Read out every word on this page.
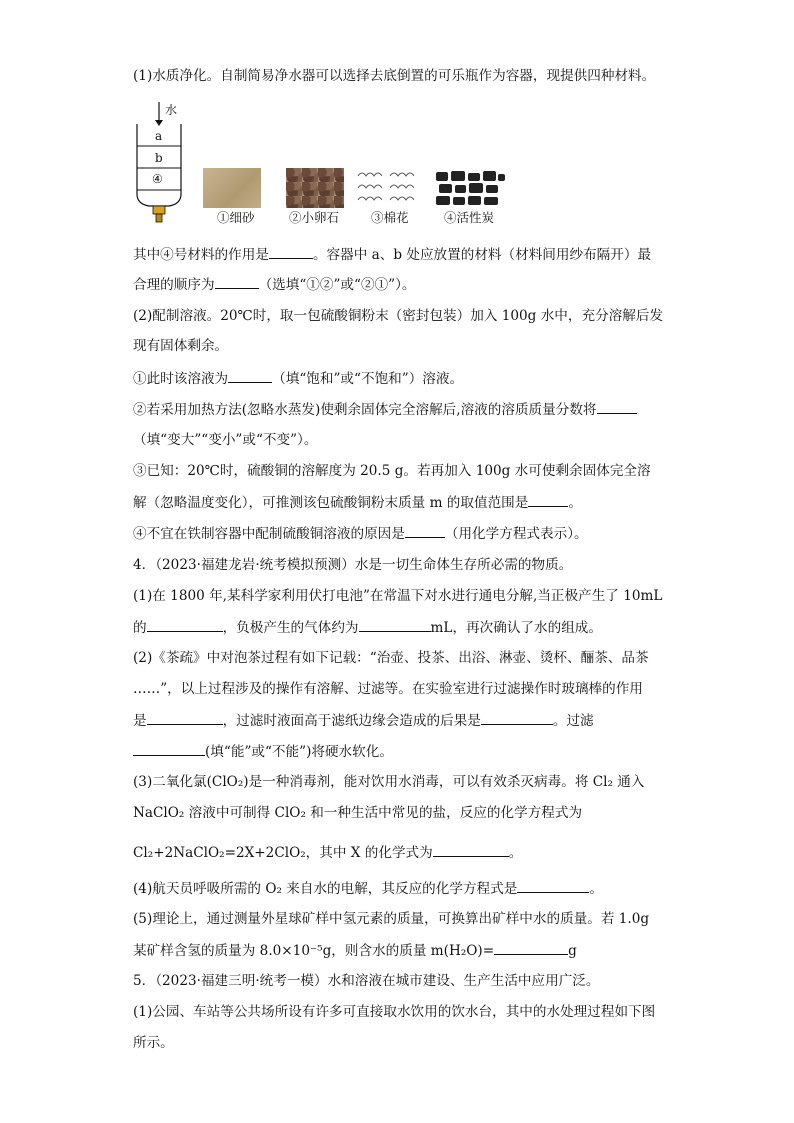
(1)水质净化。自制简易净水器可以选择去底倒置的可乐瓶作为容器，现提供四种材料。
水
a
b
④
①细砂	②小卵石	③棉花	④活性炭
其中④号材料的作用是	。容器中 a、b 处应放置的材料（材料间用纱布隔开）最
合理的顺序为	（选填“①②”或“②①”）。
(2)配制溶液。20℃时，取一包硫酸铜粉末（密封包装）加入 100g 水中，充分溶解后发
现有固体剩余。
①此时该溶液为	（填“饱和”或“不饱和”）溶液。
②若采用加热方法(忽略水蒸发)使剩余固体完全溶解后,溶液的溶质质量分数将
（填“变大”“变小”或“不变”）。
③已知：20℃时，硫酸铜的溶解度为 20.5 g。若再加入 100g 水可使剩余固体完全溶
解（忽略温度变化），可推测该包硫酸铜粉末质量 m 的取值范围是	。
④不宜在铁制容器中配制硫酸铜溶液的原因是	（用化学方程式表示）。
4．（2023·福建龙岩·统考模拟预测）水是一切生命体生存所必需的物质。
(1)在 1800 年,某科学家利用伏打电池”在常温下对水进行通电分解,当正极产生了 10mL
的	，负极产生的气体约为	mL，再次确认了水的组成。
(2)《茶疏》中对泡茶过程有如下记载：“治壶、投茶、出浴、淋壶、烫杯、酾茶、品茶
……”，以上过程涉及的操作有溶解、过滤等。在实验室进行过滤操作时玻璃棒的作用
是	，过滤时液面高于滤纸边缘会造成的后果是	。过滤
(填“能”或“不能”)将硬水软化。
(3)二氧化氯(ClO₂)是一种消毒剂，能对饮用水消毒，可以有效杀灭病毒。将 Cl₂ 通入
NaClO₂ 溶液中可制得 ClO₂ 和一种生活中常见的盐，反应的化学方程式为
Cl₂+2NaClO₂=2X+2ClO₂，其中 X 的化学式为	。
(4)航天员呼吸所需的 O₂ 来自水的电解，其反应的化学方程式是	。
(5)理论上，通过测量外星球矿样中氢元素的质量，可换算出矿样中水的质量。若 1.0g
某矿样含氢的质量为 8.0×10⁻⁵g，则含水的质量 m(H₂O)=	g
5．（2023·福建三明·统考一模）水和溶液在城市建设、生产生活中应用广泛。
(1)公园、车站等公共场所设有许多可直接取水饮用的饮水台，其中的水处理过程如下图
所示。
